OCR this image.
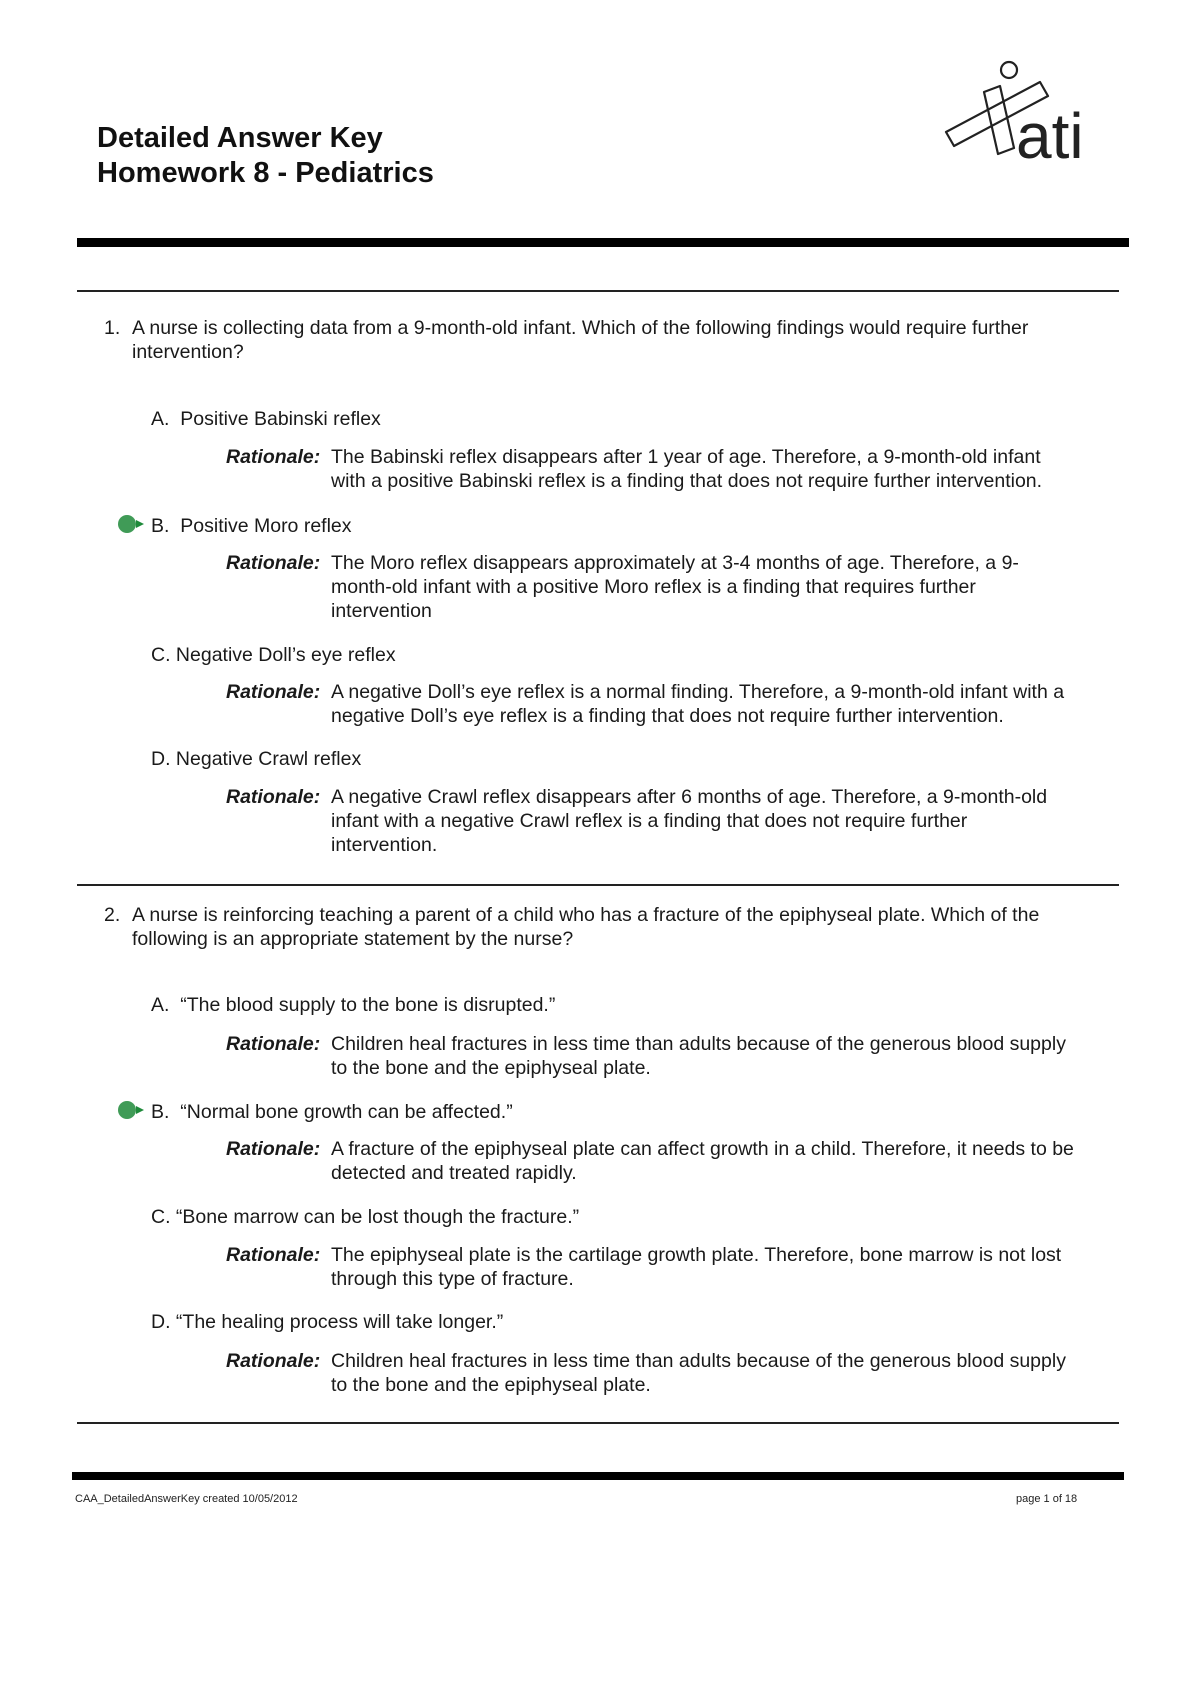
Detailed Answer Key
Homework 8 - Pediatrics
ati
1. A nurse is collecting data from a 9-month-old infant. Which of the following findings would require further intervention?
A. Positive Babinski reflex
Rationale: The Babinski reflex disappears after 1 year of age. Therefore, a 9-month-old infant with a positive Babinski reflex is a finding that does not require further intervention.
B. Positive Moro reflex
Rationale: The Moro reflex disappears approximately at 3-4 months of age. Therefore, a 9-month-old infant with a positive Moro reflex is a finding that requires further intervention
C. Negative Doll’s eye reflex
Rationale: A negative Doll’s eye reflex is a normal finding. Therefore, a 9-month-old infant with a negative Doll’s eye reflex is a finding that does not require further intervention.
D. Negative Crawl reflex
Rationale: A negative Crawl reflex disappears after 6 months of age. Therefore, a 9-month-old infant with a negative Crawl reflex is a finding that does not require further intervention.
2. A nurse is reinforcing teaching a parent of a child who has a fracture of the epiphyseal plate. Which of the following is an appropriate statement by the nurse?
A. “The blood supply to the bone is disrupted.”
Rationale: Children heal fractures in less time than adults because of the generous blood supply to the bone and the epiphyseal plate.
B. “Normal bone growth can be affected.”
Rationale: A fracture of the epiphyseal plate can affect growth in a child. Therefore, it needs to be detected and treated rapidly.
C. “Bone marrow can be lost though the fracture.”
Rationale: The epiphyseal plate is the cartilage growth plate. Therefore, bone marrow is not lost through this type of fracture.
D. “The healing process will take longer.”
Rationale: Children heal fractures in less time than adults because of the generous blood supply to the bone and the epiphyseal plate.
CAA_DetailedAnswerKey created 10/05/2012	page 1 of 18
